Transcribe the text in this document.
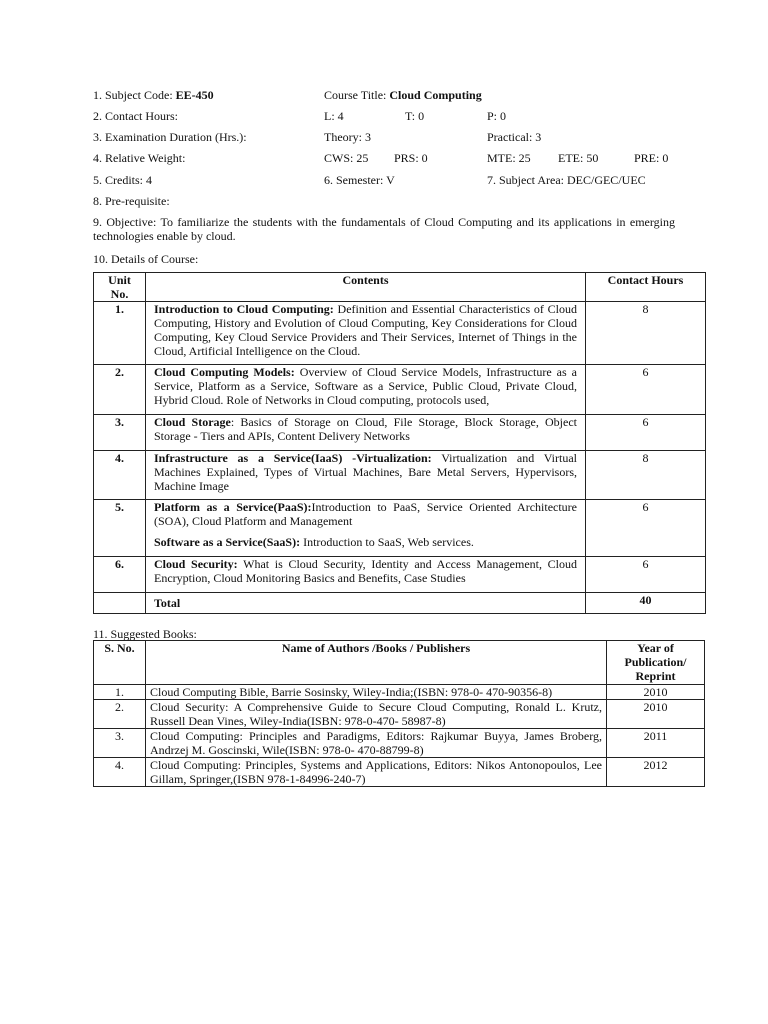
1. Subject Code: EE-450	Course Title: Cloud Computing
2. Contact Hours:	L: 4	T: 0	P: 0
3. Examination Duration (Hrs.):	Theory: 3	Practical: 3
4. Relative Weight:	CWS: 25 PRS: 0	MTE: 25 ETE: 50	PRE: 0
5. Credits: 4	6. Semester: V	7. Subject Area: DEC/GEC/UEC
8. Pre-requisite:
9. Objective: To familiarize the students with the fundamentals of Cloud Computing and its applications in emerging technologies enable by cloud.
10. Details of Course:
Unit No.	Contents	Contact Hours
1.	Introduction to Cloud Computing: Definition and Essential Characteristics of Cloud Computing, History and Evolution of Cloud Computing, Key Considerations for Cloud Computing, Key Cloud Service Providers and Their Services, Internet of Things in the Cloud, Artificial Intelligence on the Cloud.	8
2.	Cloud Computing Models: Overview of Cloud Service Models, Infrastructure as a Service, Platform as a Service, Software as a Service, Public Cloud, Private Cloud, Hybrid Cloud. Role of Networks in Cloud computing, protocols used,	6
3.	Cloud Storage: Basics of Storage on Cloud, File Storage, Block Storage, Object Storage - Tiers and APIs, Content Delivery Networks	6
4.	Infrastructure as a Service(IaaS) -Virtualization: Virtualization and Virtual Machines Explained, Types of Virtual Machines, Bare Metal Servers, Hypervisors, Machine Image	8
5.	Platform as a Service(PaaS):Introduction to PaaS, Service Oriented Architecture (SOA), Cloud Platform and Management
Software as a Service(SaaS): Introduction to SaaS, Web services.	6
6.	Cloud Security: What is Cloud Security, Identity and Access Management, Cloud Encryption, Cloud Monitoring Basics and Benefits, Case Studies	6
	Total	40
11. Suggested Books:
S. No.	Name of Authors /Books / Publishers	Year of Publication/ Reprint
1.	Cloud Computing Bible, Barrie Sosinsky, Wiley-India;(ISBN: 978-0- 470-90356-8)	2010
2.	Cloud Security: A Comprehensive Guide to Secure Cloud Computing, Ronald L. Krutz, Russell Dean Vines, Wiley-India(ISBN: 978-0-470- 58987-8)	2010
3.	Cloud Computing: Principles and Paradigms, Editors: Rajkumar Buyya, James Broberg, Andrzej M. Goscinski, Wile(ISBN: 978-0- 470-88799-8)	2011
4.	Cloud Computing: Principles, Systems and Applications, Editors: Nikos Antonopoulos, Lee Gillam, Springer,(ISBN 978-1-84996-240-7)	2012
